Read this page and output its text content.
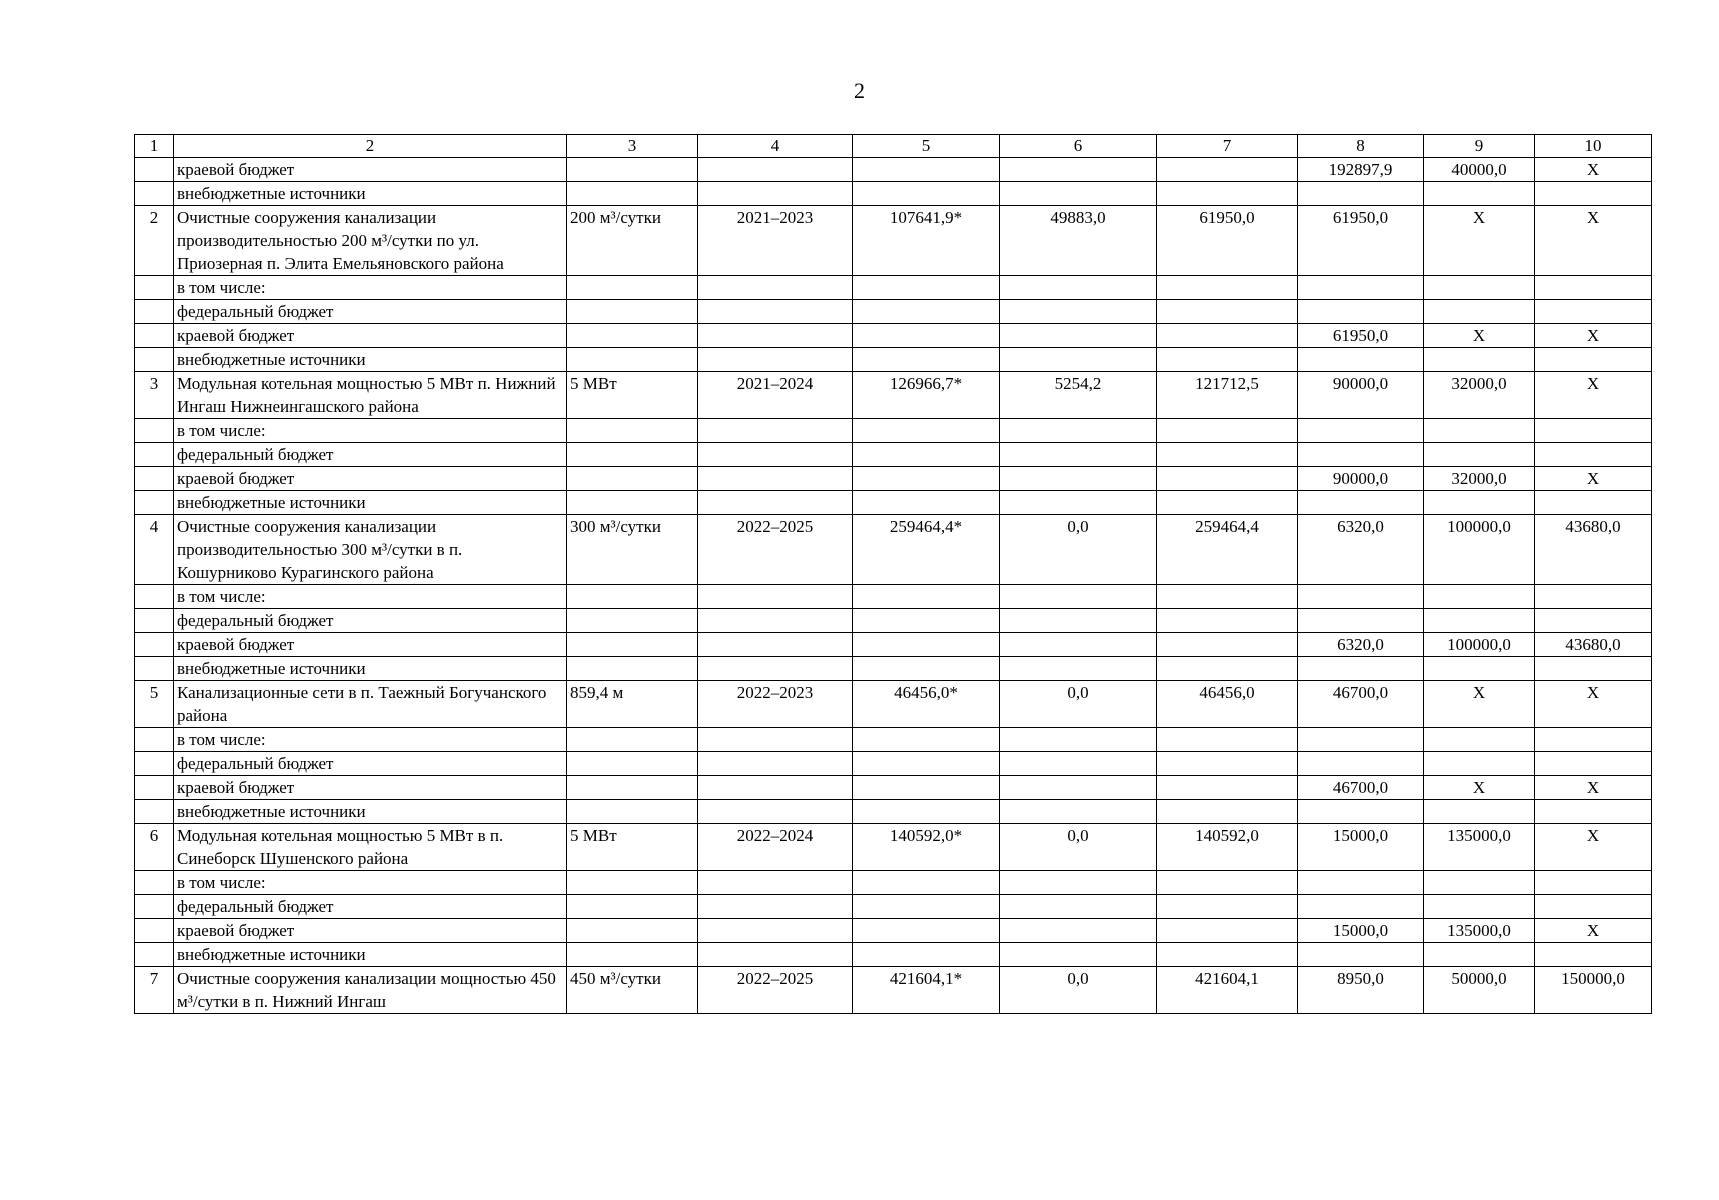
2
1	2	3	4	5	6	7	8	9	10
	краевой бюджет						192897,9	40000,0	Х
	внебюджетные источники								
2	Очистные сооружения канализации производительностью 200 м³/сутки по ул. Приозерная п. Элита Емельяновского района	200 м³/сутки	2021–2023	107641,9*	49883,0	61950,0	61950,0	Х	Х
	в том числе:								
	федеральный бюджет								
	краевой бюджет						61950,0	Х	Х
	внебюджетные источники								
3	Модульная котельная мощностью 5 МВт п. Нижний Ингаш Нижнеингашского района	5 МВт	2021–2024	126966,7*	5254,2	121712,5	90000,0	32000,0	Х
	в том числе:								
	федеральный бюджет								
	краевой бюджет						90000,0	32000,0	Х
	внебюджетные источники								
4	Очистные сооружения канализации производительностью 300 м³/сутки в п. Кошурниково Курагинского района	300 м³/сутки	2022–2025	259464,4*	0,0	259464,4	6320,0	100000,0	43680,0
	в том числе:								
	федеральный бюджет								
	краевой бюджет						6320,0	100000,0	43680,0
	внебюджетные источники								
5	Канализационные сети в п. Таежный Богучанского района	859,4 м	2022–2023	46456,0*	0,0	46456,0	46700,0	Х	Х
	в том числе:								
	федеральный бюджет								
	краевой бюджет						46700,0	Х	Х
	внебюджетные источники								
6	Модульная котельная мощностью 5 МВт в п. Синеборск Шушенского района	5 МВт	2022–2024	140592,0*	0,0	140592,0	15000,0	135000,0	Х
	в том числе:								
	федеральный бюджет								
	краевой бюджет						15000,0	135000,0	Х
	внебюджетные источники								
7	Очистные сооружения канализации мощностью 450 м³/сутки в п. Нижний Ингаш	450 м³/сутки	2022–2025	421604,1*	0,0	421604,1	8950,0	50000,0	150000,0
